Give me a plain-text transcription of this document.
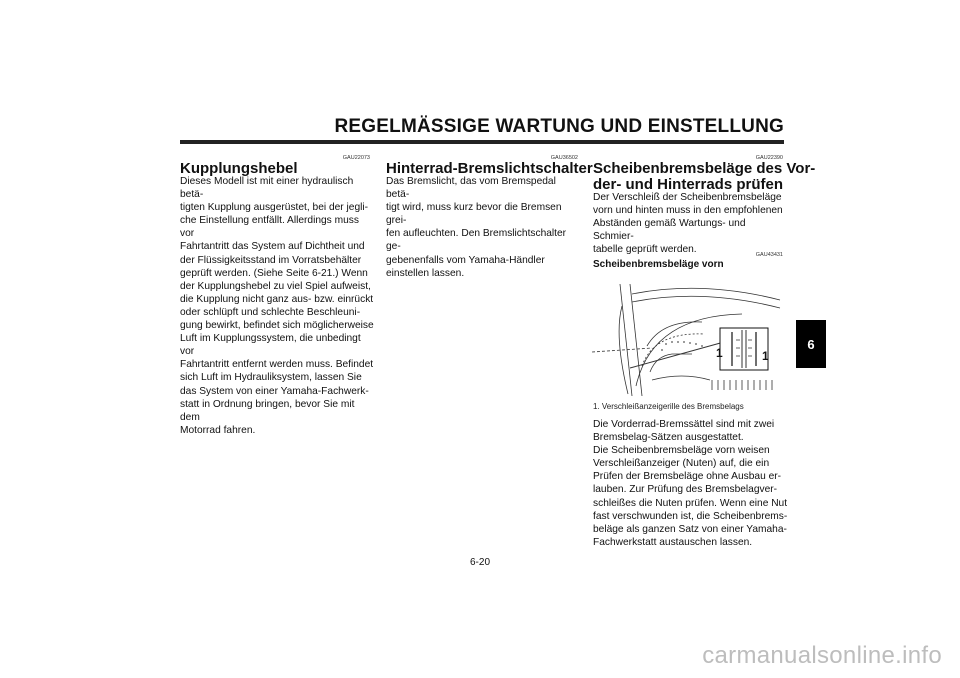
REGELMÄSSIGE WARTUNG UND EINSTELLUNG
GAU22073
Kupplungshebel

Dieses Modell ist mit einer hydraulisch betä-
tigten Kupplung ausgerüstet, bei der jegli-
che Einstellung entfällt. Allerdings muss vor
Fahrtantritt das System auf Dichtheit und
der Flüssigkeitsstand im Vorratsbehälter
geprüft werden. (Siehe Seite 6-21.) Wenn
der Kupplungshebel zu viel Spiel aufweist,
die Kupplung nicht ganz aus- bzw. einrückt
oder schlüpft und schlechte Beschleuni-
gung bewirkt, befindet sich möglicherweise
Luft im Kupplungssystem, die unbedingt vor
Fahrtantritt entfernt werden muss. Befindet
sich Luft im Hydrauliksystem, lassen Sie
das System von einer Yamaha-Fachwerk-
statt in Ordnung bringen, bevor Sie mit dem
Motorrad fahren.

GAU36502
Hinterrad-Bremslichtschalter

Das Bremslicht, das vom Bremspedal betä-
tigt wird, muss kurz bevor die Bremsen grei-
fen aufleuchten. Den Bremslichtschalter ge-
gebenenfalls vom Yamaha-Händler
einstellen lassen.

GAU22390
Scheibenbremsbeläge des Vor-
der- und Hinterrads prüfen

Der Verschleiß der Scheibenbremsbeläge
vorn und hinten muss in den empfohlenen
Abständen gemäß Wartungs- und Schmier-
tabelle geprüft werden.	GAU43431
Scheibenbremsbeläge vorn
1	1

1. Verschleißanzeigerille des Bremsbelags

Die Vorderrad-Bremssättel sind mit zwei
Bremsbelag-Sätzen ausgestattet.
Die Scheibenbremsbeläge vorn weisen
Verschleißanzeiger (Nuten) auf, die ein
Prüfen der Bremsbeläge ohne Ausbau er-
lauben. Zur Prüfung des Bremsbelagver-
schleißes die Nuten prüfen. Wenn eine Nut
fast verschwunden ist, die Scheibenbrems-
beläge als ganzen Satz von einer Yamaha-
Fachwerkstatt austauschen lassen.

6
6-20
carmanualsonline.info
